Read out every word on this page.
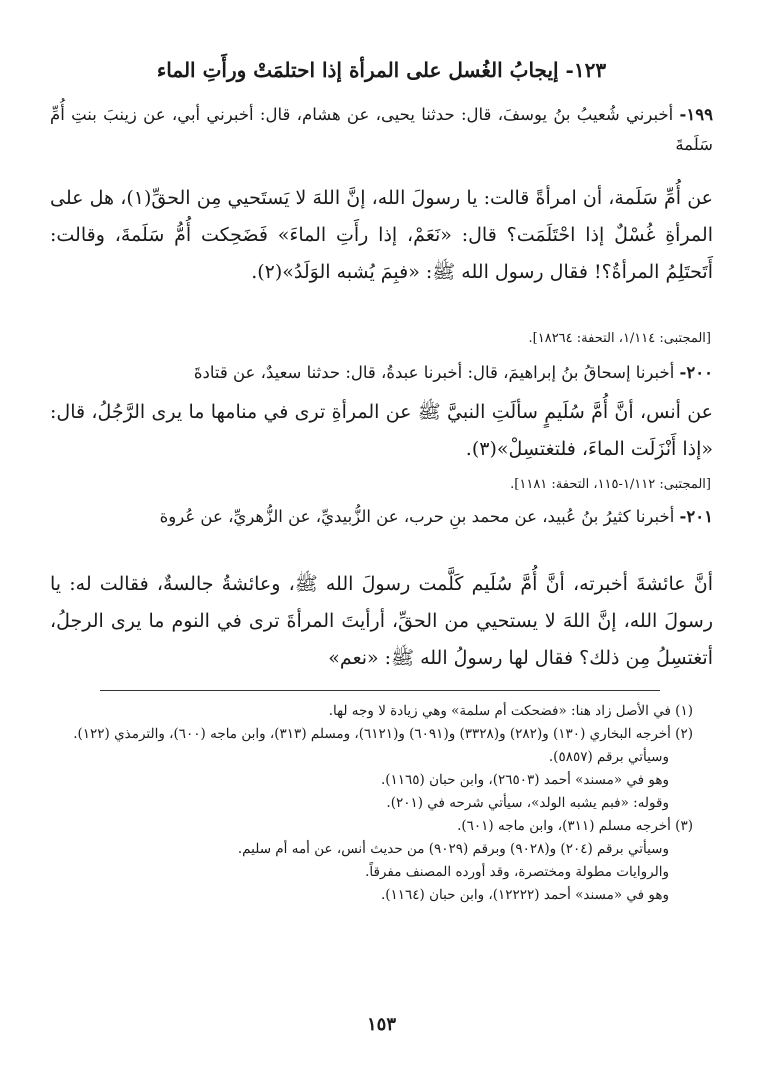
١٢٣- إيجابُ الغُسل على المرأة إذا احتلمَتْ ورأَتِ الماء
١٩٩- أخبرني شُعيبُ بنُ يوسفَ، قال: حدثنا يحيى، عن هشام، قال: أخبرني أبي، عن زينبَ بنتِ أُمِّ سَلَمةَ
عن أُمِّ سَلَمة، أن امرأةً قالت: يا رسولَ الله، إنَّ اللهَ لا يَستَحيي مِن الحقِّ(١)، هل على المرأةِ غُسْلٌ إذا احْتَلَمَت؟ قال: «نَعَمْ، إذا رأَتِ الماءَ» فَضَحِكت أُمُّ سَلَمةَ، وقالت: أَتَحتَلِمُ المرأةُ؟! فقال رسول الله ﷺ: «فبِمَ يُشبه الوَلَدُ»(٢).
[المجتبى: ١/١١٤، التحفة: ١٨٢٦٤].
٢٠٠- أخبرنا إسحاقُ بنُ إبراهيمَ، قال: أخبرنا عبدةُ، قال: حدثنا سعيدٌ، عن قتادةَ
عن أنس، أنَّ أُمَّ سُلَيمٍ سألَتِ النبيَّ ﷺ عن المرأةِ ترى في منامها ما يرى الرَّجُلُ، قال: «إذا أَنْزَلَت الماءَ، فلتغتسِلْ»(٣).
[المجتبى: ١/١١٢-١١٥، التحفة: ١١٨١].
٢٠١- أخبرنا كثيرُ بنُ عُبيد، عن محمد بنِ حرب، عن الزُّبيديِّ، عن الزُّهريِّ، عن عُروة
أنَّ عائشةَ أخبرته، أنَّ أُمَّ سُلَيم كَلَّمت رسولَ الله ﷺ، وعائشةُ جالسةٌ، فقالت له: يا رسولَ الله، إنَّ اللهَ لا يستحيي من الحقِّ، أرأيتَ المرأةَ ترى في النوم ما يرى الرجلُ، أتغتسِلُ مِن ذلك؟ فقال لها رسولُ الله ﷺ: «نعم»
(١) في الأصل زاد هنا: «فضحكت أم سلمة» وهي زيادة لا وجه لها.
(٢) أخرجه البخاري (١٣٠) و(٢٨٢) و(٣٣٢٨) و(٦٠٩١) و(٦١٢١)، ومسلم (٣١٣)، وابن ماجه (٦٠٠)، والترمذي (١٢٢).
وسيأتي برقم (٥٨٥٧).
وهو في «مسند» أحمد (٢٦٥٠٣)، وابن حبان (١١٦٥).
وقوله: «فبم يشبه الولد»، سيأتي شرحه في (٢٠١).
(٣) أخرجه مسلم (٣١١)، وابن ماجه (٦٠١).
وسيأتي برقم (٢٠٤) و(٩٠٢٨) وبرقم (٩٠٢٩) من حديث أنس، عن أمه أم سليم.
والروايات مطولة ومختصرة، وقد أورده المصنف مفرقاً.
وهو في «مسند» أحمد (١٢٢٢٢)، وابن حبان (١١٦٤).
١٥٣
